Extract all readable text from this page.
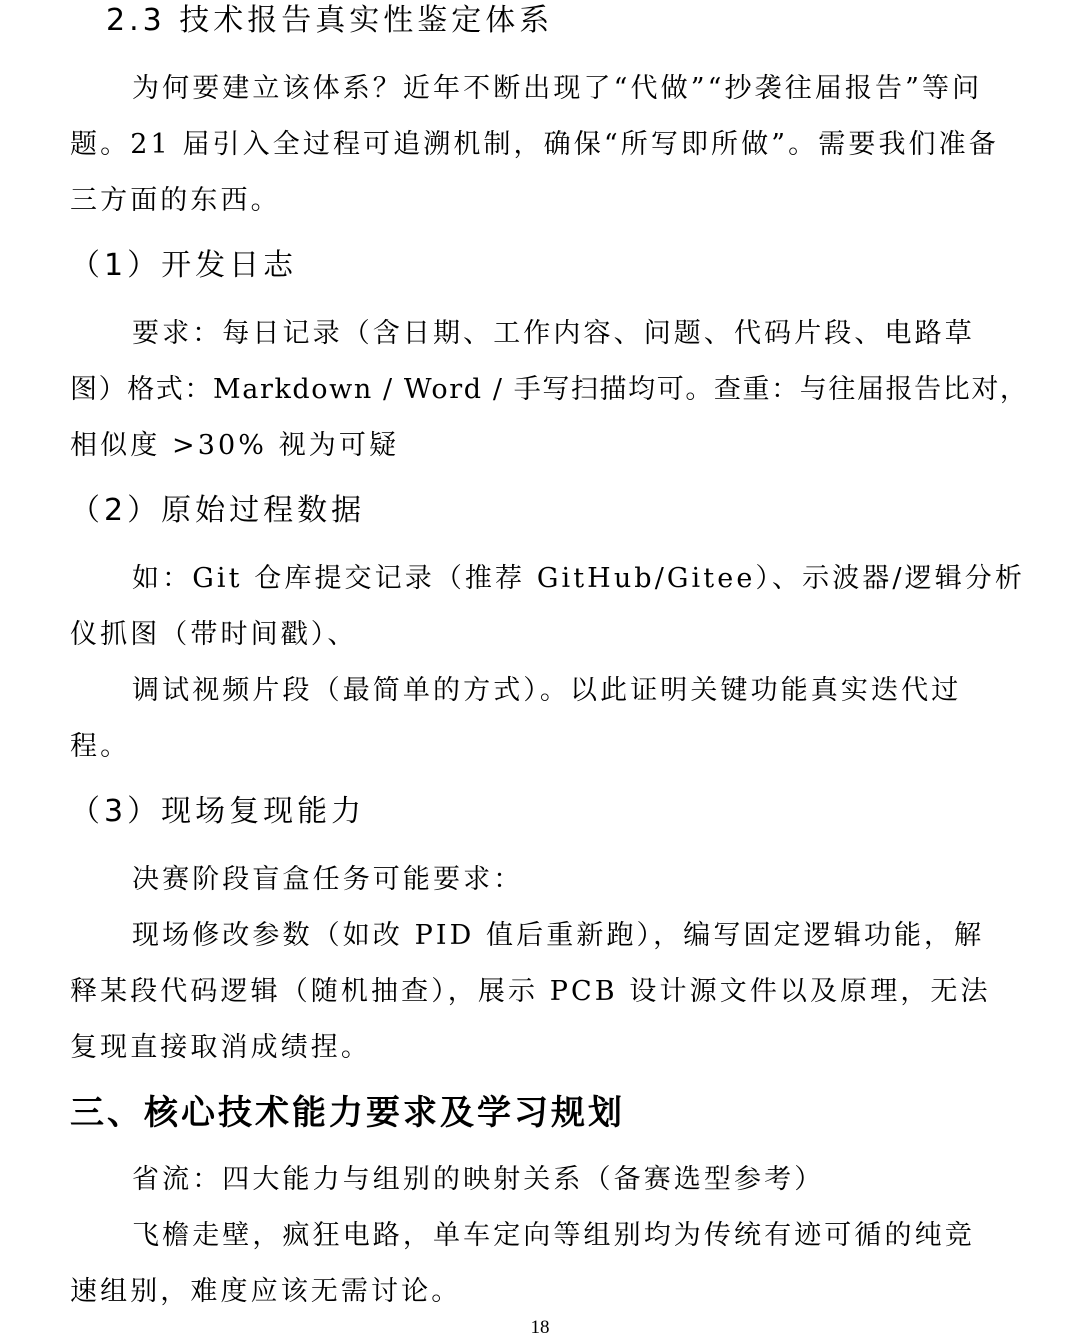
2.3 技术报告真实性鉴定体系
为何要建立该体系？近年不断出现了“代做”“抄袭往届报告”等问
题。21 届引入全过程可追溯机制，确保“所写即所做”。需要我们准备
三方面的东西。
（1）开发日志
要求：每日记录（含日期、工作内容、问题、代码片段、电路草
图）格式：Markdown / Word / 手写扫描均可。查重：与往届报告比对，
相似度 >30% 视为可疑
（2）原始过程数据
如：Git 仓库提交记录（推荐 GitHub/Gitee）、示波器/逻辑分析
仪抓图（带时间戳）、
调试视频片段（最简单的方式）。以此证明关键功能真实迭代过
程。
（3）现场复现能力
决赛阶段盲盒任务可能要求：
现场修改参数（如改 PID 值后重新跑），编写固定逻辑功能，解
释某段代码逻辑（随机抽查），展示 PCB 设计源文件以及原理，无法
复现直接取消成绩捏。
三、核心技术能力要求及学习规划
省流：四大能力与组别的映射关系（备赛选型参考）
飞檐走壁，疯狂电路，单车定向等组别均为传统有迹可循的纯竞
速组别，难度应该无需讨论。
18
